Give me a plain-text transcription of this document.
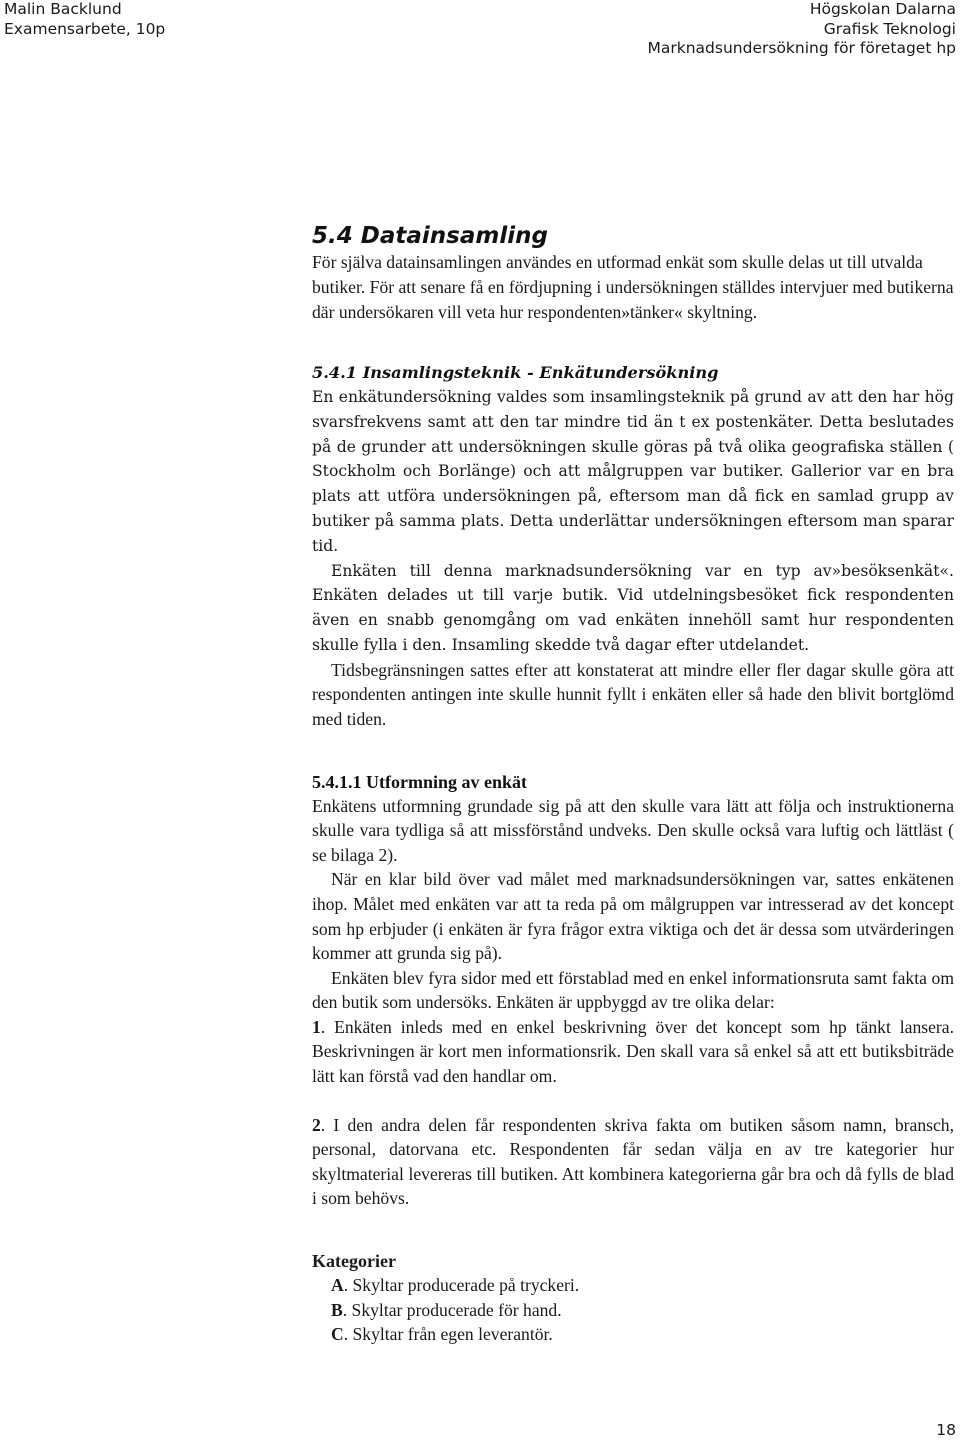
Malin Backlund
Examensarbete, 10p
Högskolan Dalarna
Grafisk Teknologi
Marknadsundersökning för företaget hp
5.4 Datainsamling

För själva datainsamlingen användes en utformad enkät som skulle delas ut till utvalda butiker. För att senare få en fördjupning i undersökningen ställdes intervjuer med butikerna där undersökaren vill veta hur respondenten»tänker« skyltning.

5.4.1 Insamlingsteknik - Enkätundersökning

En enkätundersökning valdes som insamlingsteknik på grund av att den har hög svarsfrekvens samt att den tar mindre tid än t ex postenkäter. Detta beslutades på de grunder att undersökningen skulle göras på två olika geografiska ställen ( Stockholm och Borlänge) och att målgruppen var butiker. Gallerior var en bra plats att utföra undersökningen på, eftersom man då fick en samlad grupp av butiker på samma plats. Detta underlättar undersökningen eftersom man sparar tid.

Enkäten till denna marknadsundersökning var en typ av»besöksenkät«. Enkäten delades ut till varje butik. Vid utdelningsbesöket fick respondenten även en snabb genomgång om vad enkäten innehöll samt hur respondenten skulle fylla i den. Insamling skedde två dagar efter utdelandet.

Tidsbegränsningen sattes efter att konstaterat att mindre eller fler dagar skulle göra att respondenten antingen inte skulle hunnit fyllt i enkäten eller så hade den blivit bortglömd med tiden.

5.4.1.1 Utformning av enkät

Enkätens utformning grundade sig på att den skulle vara lätt att följa och instruktionerna skulle vara tydliga så att missförstånd undveks. Den skulle också vara luftig och lättläst ( se bilaga 2).

När en klar bild över vad målet med marknadsundersökningen var, sattes enkätenen ihop. Målet med enkäten var att ta reda på om målgruppen var intresserad av det koncept som hp erbjuder (i enkäten är fyra frågor extra viktiga och det är dessa som utvärderingen kommer att grunda sig på).

Enkäten blev fyra sidor med ett förstablad med en enkel informationsruta samt fakta om den butik som undersöks. Enkäten är uppbyggd av tre olika delar:

1. Enkäten inleds med en enkel beskrivning över det koncept som hp tänkt lansera. Beskrivningen är kort men informationsrik. Den skall vara så enkel så att ett butiksbiträde lätt kan förstå vad den handlar om.

2. I den andra delen får respondenten skriva fakta om butiken såsom namn, bransch, personal, datorvana etc. Respondenten får sedan välja en av tre kategorier hur skyltmaterial levereras till butiken. Att kombinera kategorierna går bra och då fylls de blad i som behövs.

Kategorier
A. Skyltar producerade på tryckeri.
B. Skyltar producerade för hand.
C. Skyltar från egen leverantör.
18
